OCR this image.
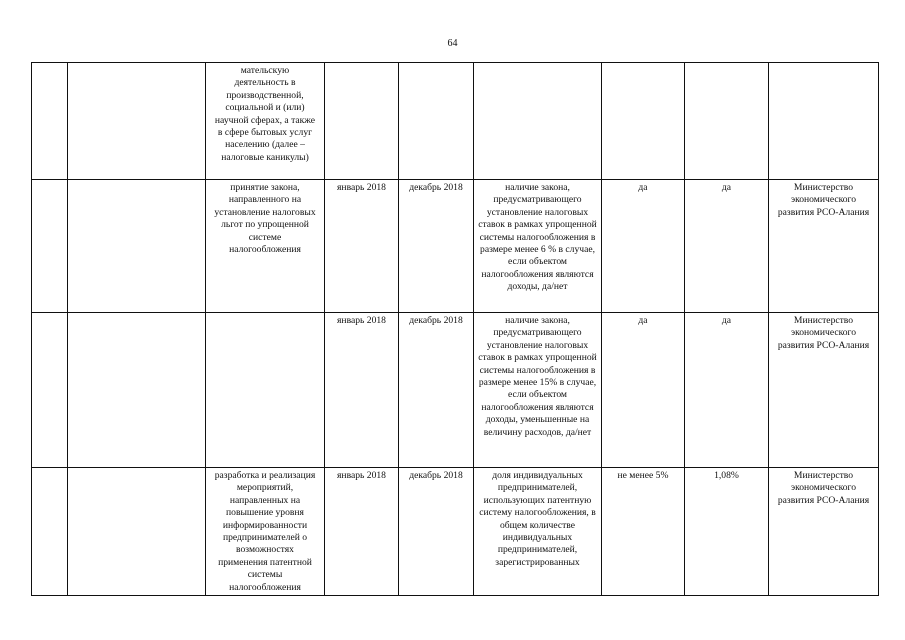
64
		мательскую деятельность в производственной, социальной и (или) научной сферах, а также в сфере бытовых услуг населению (далее – налоговые каникулы)						
		принятие закона, направленного на установление налоговых льгот по упрощенной системе налогообложения	январь 2018	декабрь 2018	наличие закона, предусматривающего установление налоговых ставок в рамках упрощенной системы налогообложения в размере менее 6 % в случае, если объектом налогообложения являются доходы, да/нет	да	да	Министерство экономического развития РСО-Алания
			январь 2018	декабрь 2018	наличие закона, предусматривающего установление налоговых ставок в рамках упрощенной системы налогообложения в размере менее 15% в случае, если объектом налогообложения являются доходы, уменьшенные на величину расходов, да/нет	да	да	Министерство экономического развития РСО-Алания
		разработка и реализация мероприятий, направленных на повышение уровня информированности предпринимателей о возможностях применения патентной системы налогообложения	январь 2018	декабрь 2018	доля индивидуальных предпринимателей, использующих патентную систему налогообложения, в общем количестве индивидуальных предпринимателей, зарегистрированных	не менее 5%	1,08%	Министерство экономического развития РСО-Алания
